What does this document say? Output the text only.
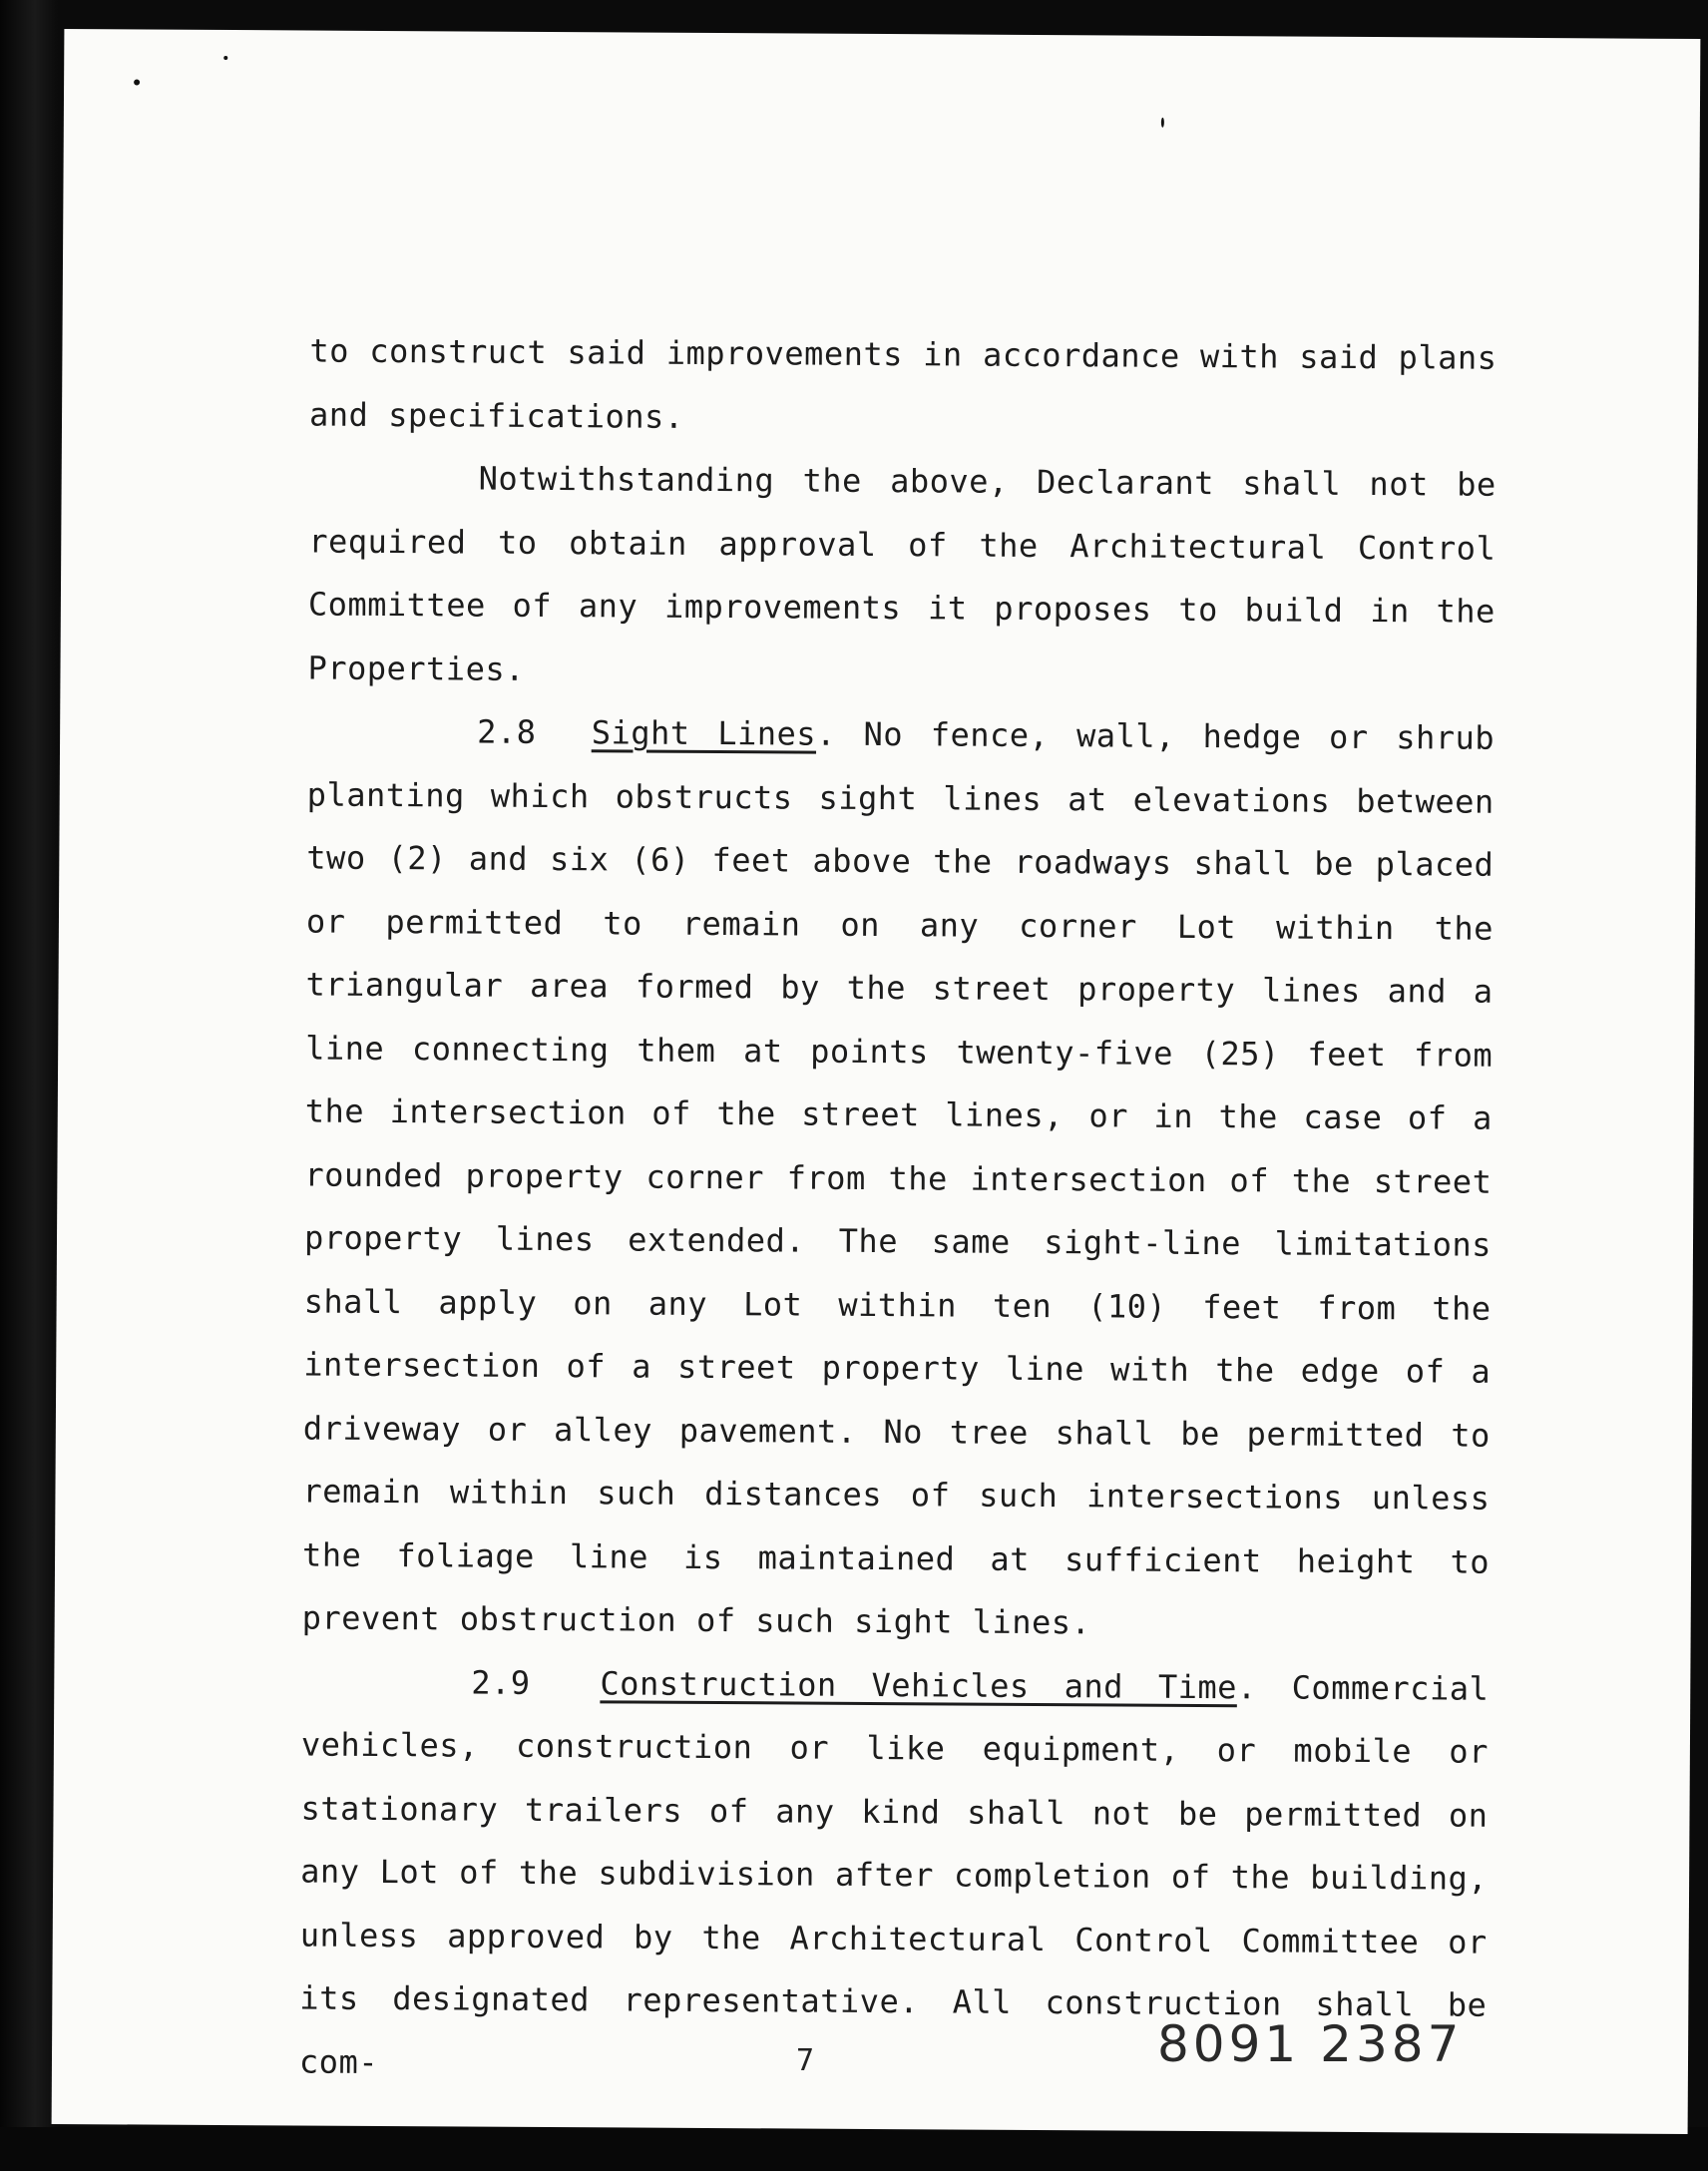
to construct said improvements in accordance with said plans and specifications.

Notwithstanding the above, Declarant shall not be required to obtain approval of the Architectural Control Committee of any improvements it proposes to build in the Properties.

2.8 Sight Lines. No fence, wall, hedge or shrub planting which obstructs sight lines at elevations between two (2) and six (6) feet above the roadways shall be placed or permitted to remain on any corner Lot within the triangular area formed by the street property lines and a line connecting them at points twenty-five (25) feet from the intersection of the street lines, or in the case of a rounded property corner from the intersection of the street property lines extended. The same sight-line limitations shall apply on any Lot within ten (10) feet from the intersection of a street property line with the edge of a driveway or alley pavement. No tree shall be permitted to remain within such distances of such intersections unless the foliage line is maintained at sufficient height to prevent obstruction of such sight lines.

2.9 Construction Vehicles and Time. Commercial vehicles, construction or like equipment, or mobile or stationary trailers of any kind shall not be permitted on any Lot of the subdivision after completion of the building, unless approved by the Architectural Control Committee or its designated representative. All construction shall be com-	7	8091 2387
